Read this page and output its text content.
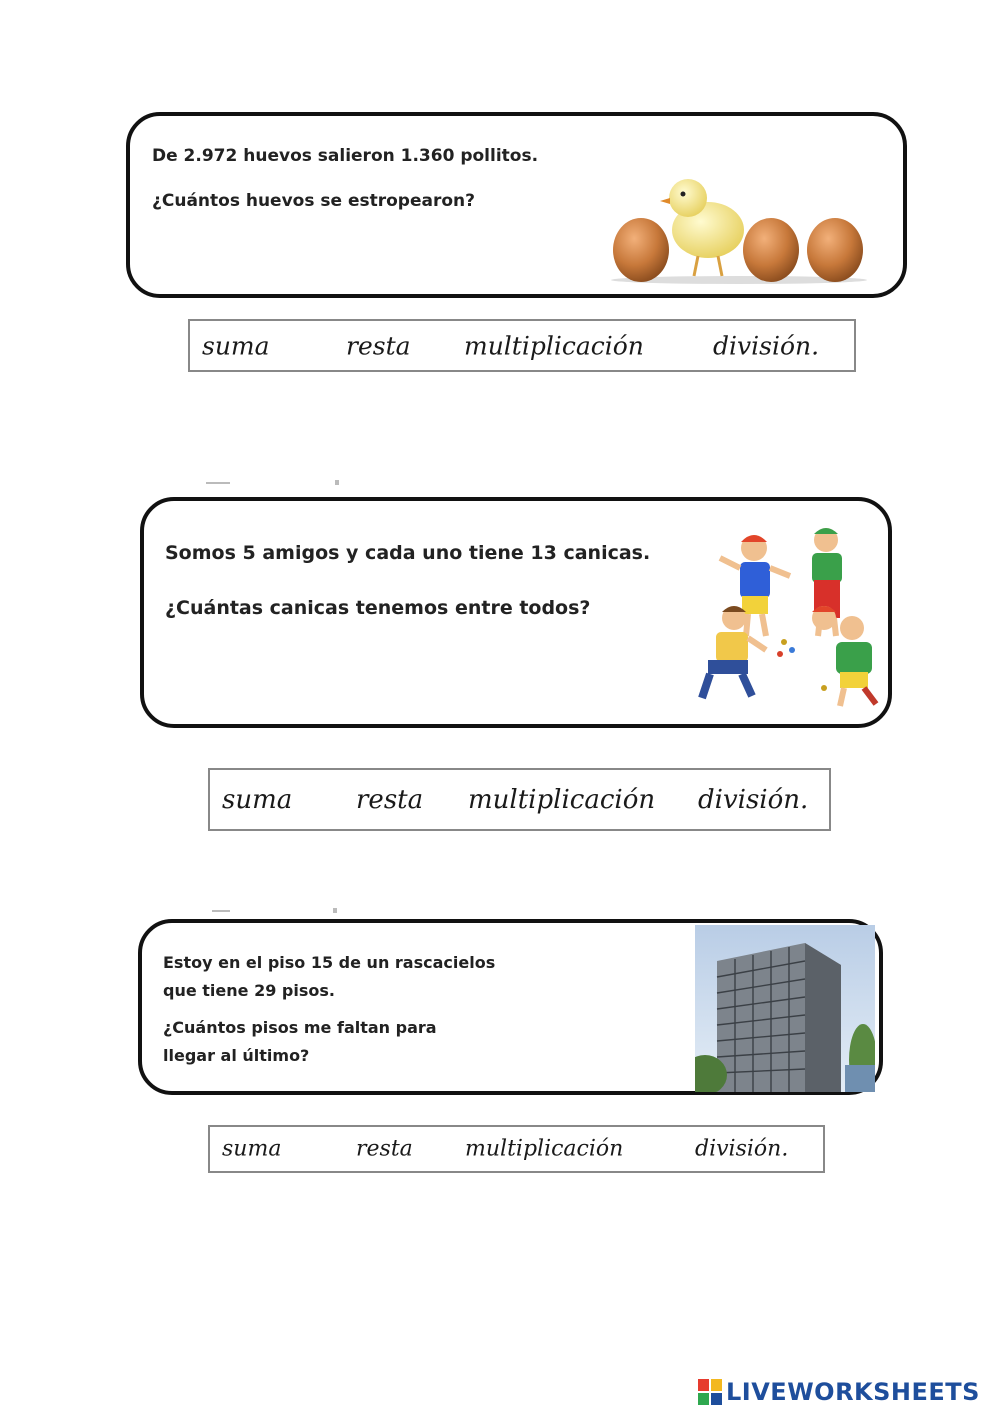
De 2.972 huevos salieron 1.360 pollitos.

¿Cuántos huevos se estropearon?

suma	resta multiplicación	división.

Somos 5 amigos y cada uno tiene 13 canicas.

¿Cuántas canicas tenemos entre todos?

suma resta multiplicación división.

Estoy en el piso 15 de un rascacielos

que tiene 29 pisos.

¿Cuántos pisos me faltan para

llegar al último?

suma	resta multiplicación	división.
LIVEWORKSHEETS
